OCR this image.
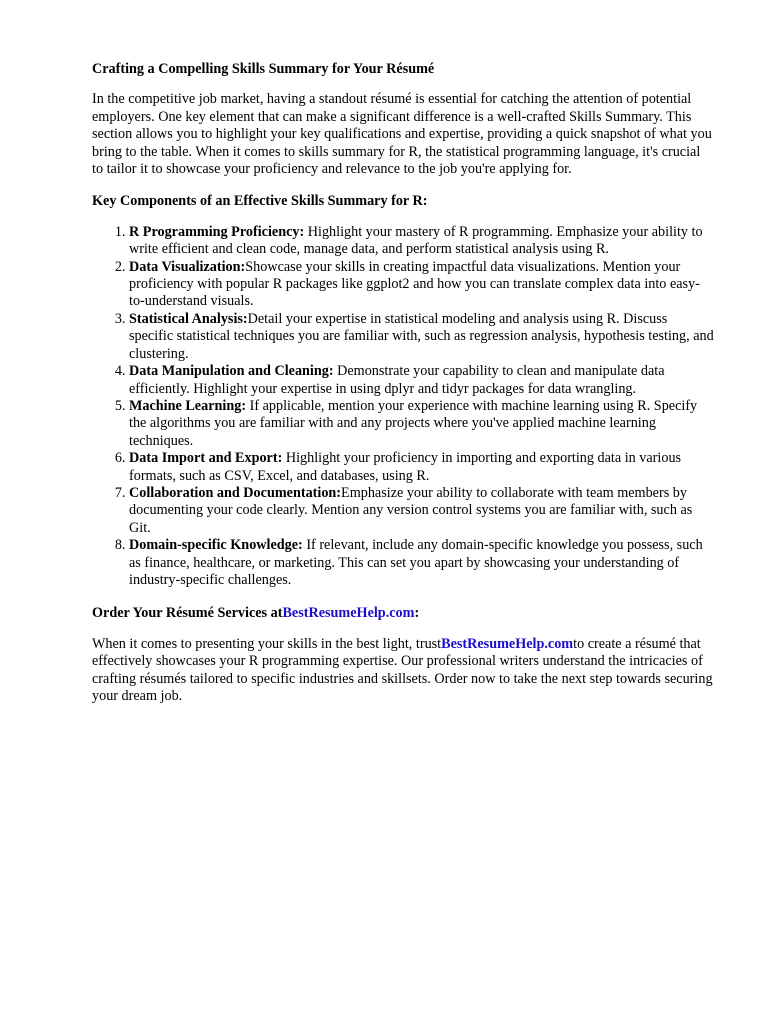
Crafting a Compelling Skills Summary for Your Résumé

In the competitive job market, having a standout résumé is essential for catching the attention of potential employers. One key element that can make a significant difference is a well-crafted Skills Summary. This section allows you to highlight your key qualifications and expertise, providing a quick snapshot of what you bring to the table. When it comes to skills summary for R, the statistical programming language, it's crucial to tailor it to showcase your proficiency and relevance to the job you're applying for.

Key Components of an Effective Skills Summary for R:
1. R Programming Proficiency: Highlight your mastery of R programming. Emphasize your ability to write efficient and clean code, manage data, and perform statistical analysis using R.
2. Data Visualization:Showcase your skills in creating impactful data visualizations. Mention your proficiency with popular R packages like ggplot2 and how you can translate complex data into easy-to-understand visuals.
3. Statistical Analysis:Detail your expertise in statistical modeling and analysis using R. Discuss specific statistical techniques you are familiar with, such as regression analysis, hypothesis testing, and clustering.
4. Data Manipulation and Cleaning: Demonstrate your capability to clean and manipulate data efficiently. Highlight your expertise in using dplyr and tidyr packages for data wrangling.
5. Machine Learning: If applicable, mention your experience with machine learning using R. Specify the algorithms you are familiar with and any projects where you've applied machine learning techniques.
6. Data Import and Export: Highlight your proficiency in importing and exporting data in various formats, such as CSV, Excel, and databases, using R.
7. Collaboration and Documentation:Emphasize your ability to collaborate with team members by documenting your code clearly. Mention any version control systems you are familiar with, such as Git.
8. Domain-specific Knowledge: If relevant, include any domain-specific knowledge you possess, such as finance, healthcare, or marketing. This can set you apart by showcasing your understanding of industry-specific challenges.

Order Your Résumé Services atBestResumeHelp.com:

When it comes to presenting your skills in the best light, trustBestResumeHelp.comto create a résumé that effectively showcases your R programming expertise. Our professional writers understand the intricacies of crafting résumés tailored to specific industries and skillsets. Order now to take the next step towards securing your dream job.
